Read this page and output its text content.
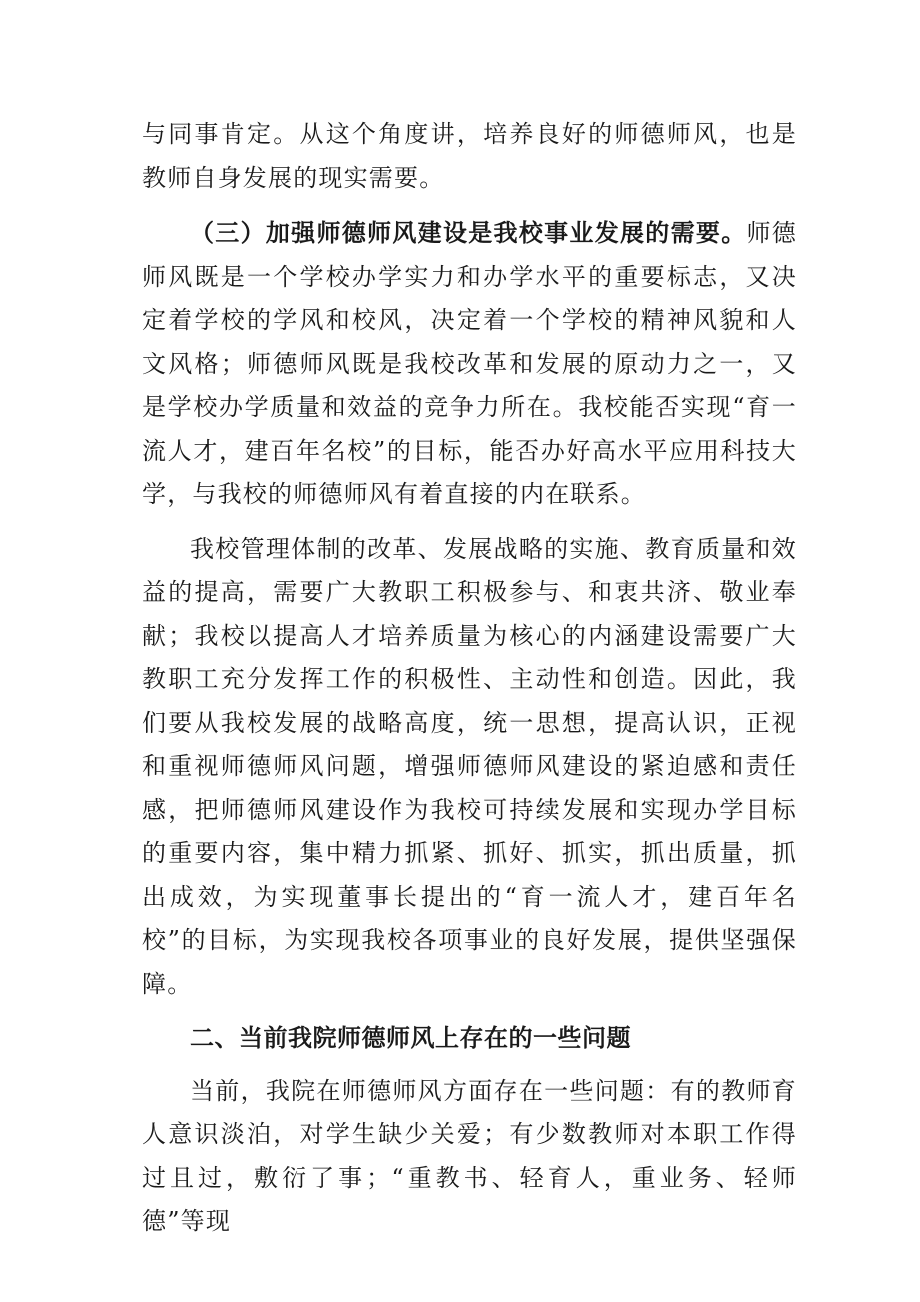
与同事肯定。从这个角度讲，培养良好的师德师风，也是教师自身发展的现实需要。

（三）加强师德师风建设是我校事业发展的需要。师德师风既是一个学校办学实力和办学水平的重要标志，又决定着学校的学风和校风，决定着一个学校的精神风貌和人文风格；师德师风既是我校改革和发展的原动力之一，又是学校办学质量和效益的竞争力所在。我校能否实现“育一流人才，建百年名校”的目标，能否办好高水平应用科技大学，与我校的师德师风有着直接的内在联系。

我校管理体制的改革、发展战略的实施、教育质量和效益的提高，需要广大教职工积极参与、和衷共济、敬业奉献；我校以提高人才培养质量为核心的内涵建设需要广大教职工充分发挥工作的积极性、主动性和创造。因此，我们要从我校发展的战略高度，统一思想，提高认识，正视和重视师德师风问题，增强师德师风建设的紧迫感和责任感，把师德师风建设作为我校可持续发展和实现办学目标的重要内容，集中精力抓紧、抓好、抓实，抓出质量，抓出成效，为实现董事长提出的“育一流人才，建百年名校”的目标，为实现我校各项事业的良好发展，提供坚强保障。

二、当前我院师德师风上存在的一些问题

当前，我院在师德师风方面存在一些问题：有的教师育人意识淡泊，对学生缺少关爱；有少数教师对本职工作得过且过，敷衍了事；“重教书、轻育人，重业务、轻师德”等现
